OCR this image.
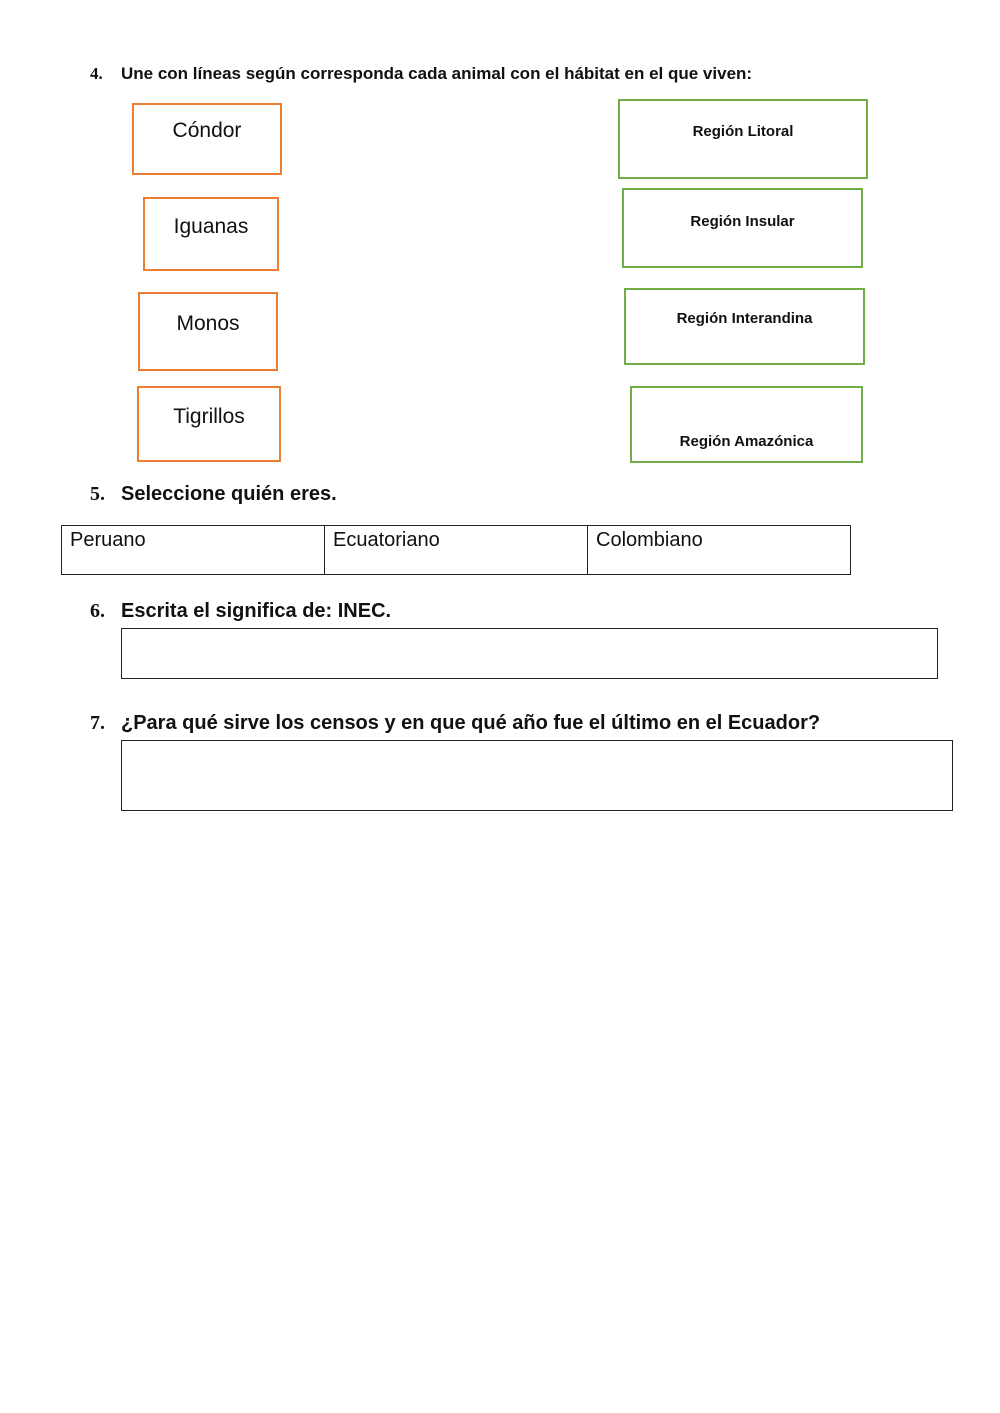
4. Une con líneas según corresponda cada animal con el hábitat en el que viven:
Cóndor
Iguanas
Monos
Tigrillos
Región Litoral
Región Insular
Región Interandina
Región Amazónica
5. Seleccione quién eres.
Peruano	Ecuatoriano	Colombiano
6. Escrita el significa de: INEC.
7. ¿Para qué sirve los censos y en que qué año fue el último en el Ecuador?
